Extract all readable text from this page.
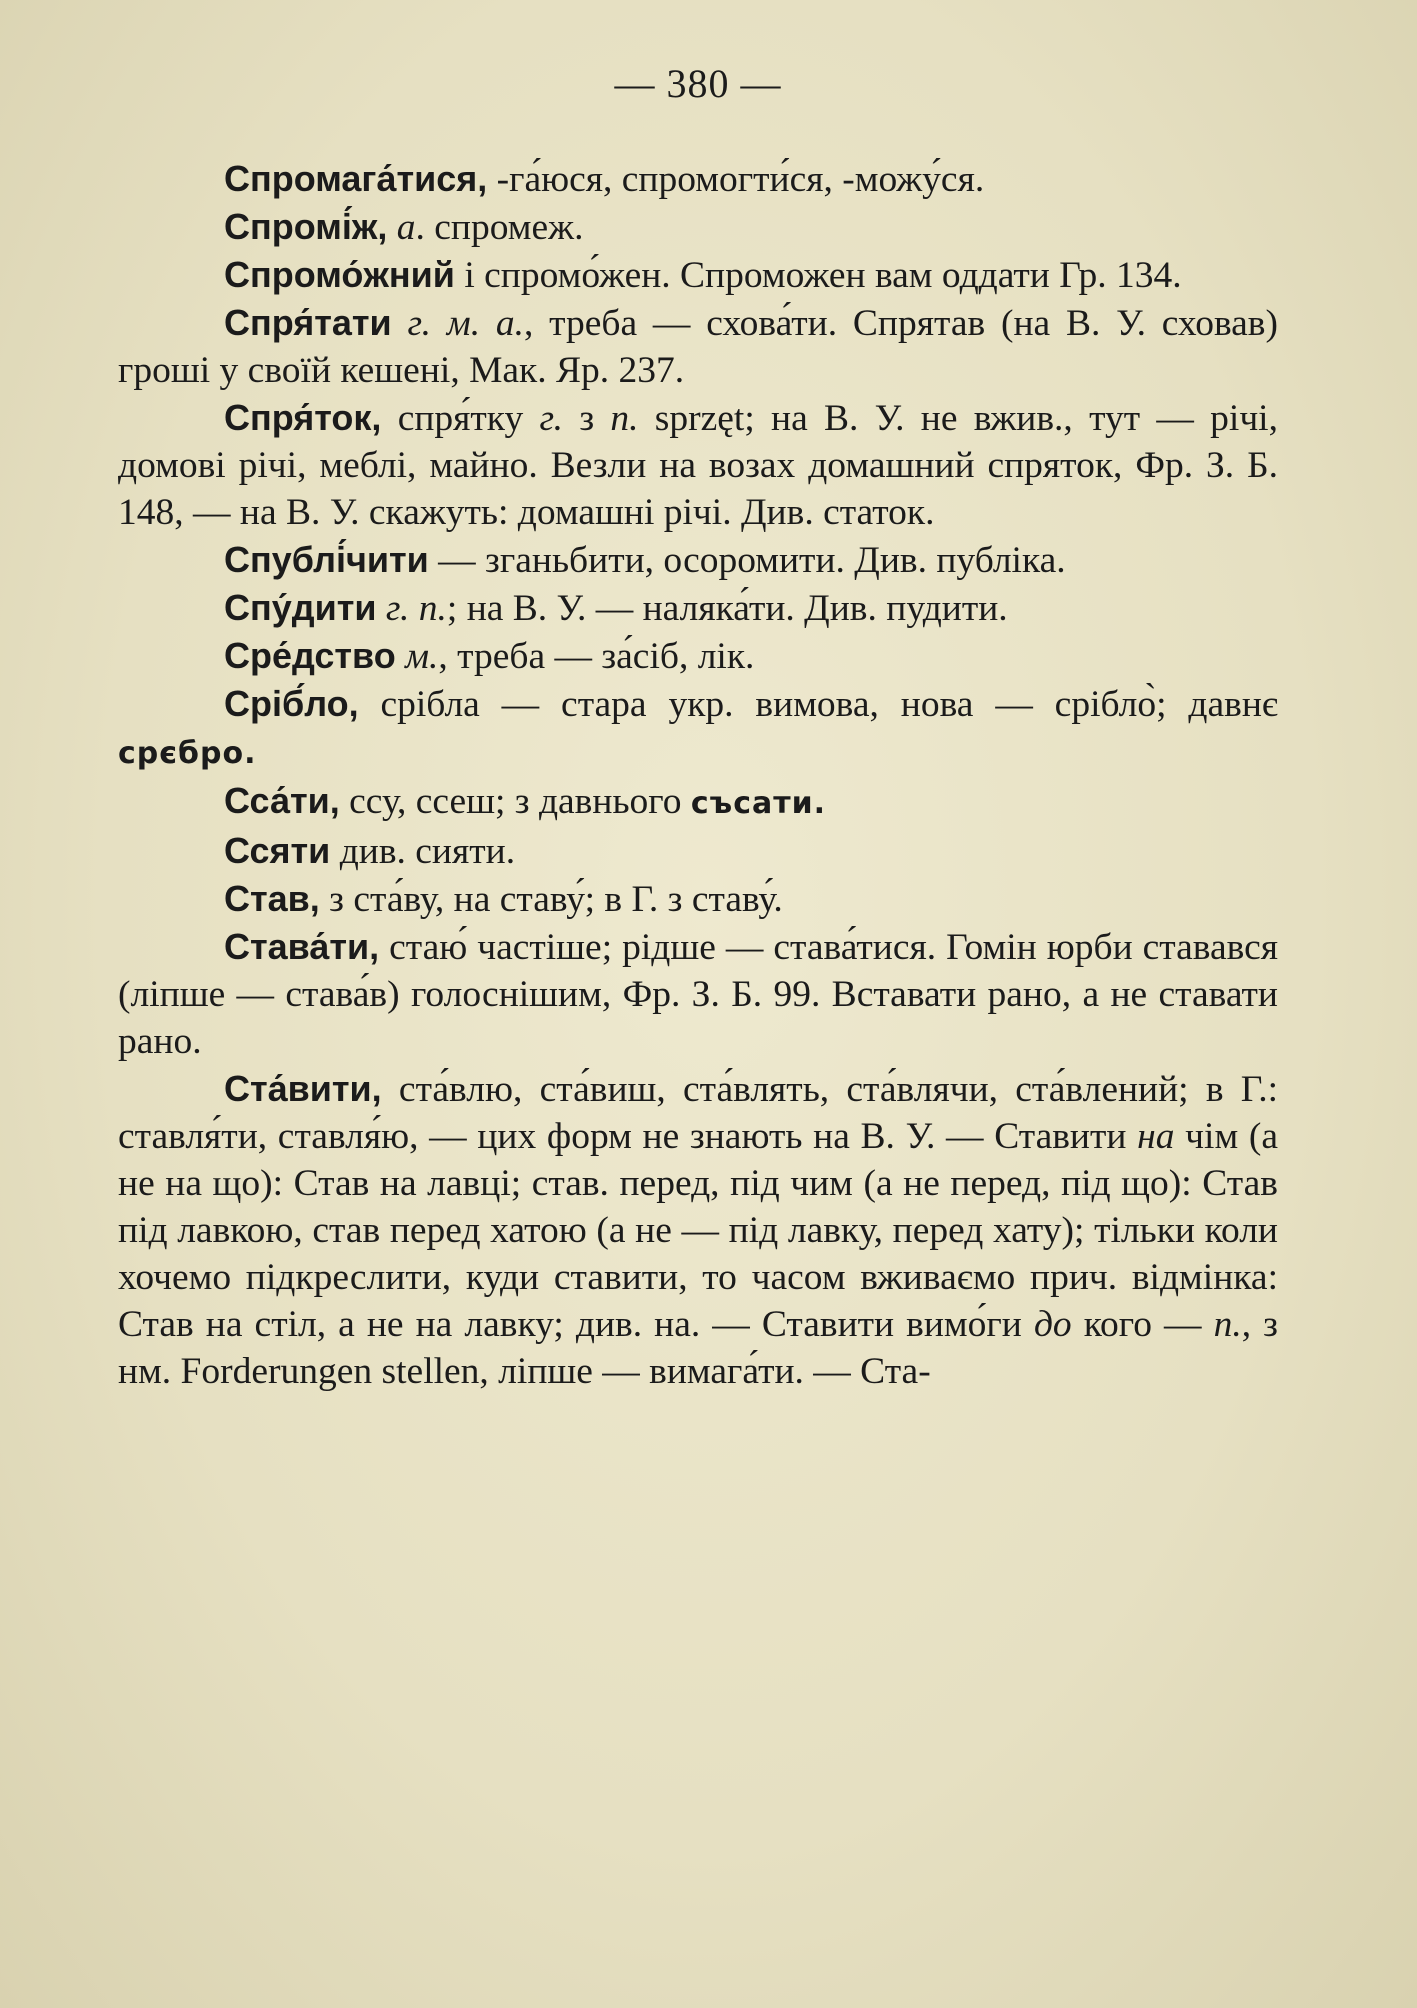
— 380 —

Спромага́тися, -га́юся, спромогти́ся, -можу́ся.

Спромі́ж, а. спромеж.

Спромо́жний і спромо́жен. Спроможен вам оддати Гр. 134.

Спря́тати г. м. а., треба — схова́ти. Спрятав (на В. У. сховав) гроші у своїй кешені, Мак. Яр. 237.

Спря́ток, спря́тку г. з п. sprzęt; на В. У. не вжив., тут — річі, домові річі, меблі, майно. Везли на возах домашний спряток, Фр. З. Б. 148, — на В. У. скажуть: домашні річі. Див. статок.

Спублі́чити — зганьбити, осоромити. Див. публіка.

Спу́дити г. п.; на В. У. — наляка́ти. Див. пудити.

Сре́дство м., треба — за́сіб, лік.

Сріб́ло, срібла — стара укр. вимова, нова — срібло̀; давнє срєбро.

Сса́ти, ссу, ссеш; з давнього съсати.

Ссяти див. сияти.

Став, з ста́ву, на ставу́; в Г. з ставу́.

Става́ти, стаю́ частіше; рідше — става́тися. Гомін юрби ставався (ліпше — става́в) голоснішим, Фр. З. Б. 99. Вставати рано, а не ставати рано.

Ста́вити, ста́влю, ста́виш, ста́влять, ста́влячи, ста́влений; в Г.: ставля́ти, ставля́ю, — цих форм не знають на В. У. — Ставити на чім (а не на що): Став на лавці; став. перед, під чим (а не перед, під що): Став під лавкою, став перед хатою (а не — під лавку, перед хату); тільки коли хочемо підкреслити, куди ставити, то часом вживаємо прич. відмінка: Став на стіл, а не на лавку; див. на. — Ставити вимо́ги до кого — п., з нм. Forderungen stellen, ліпше — вимага́ти. — Ста-
